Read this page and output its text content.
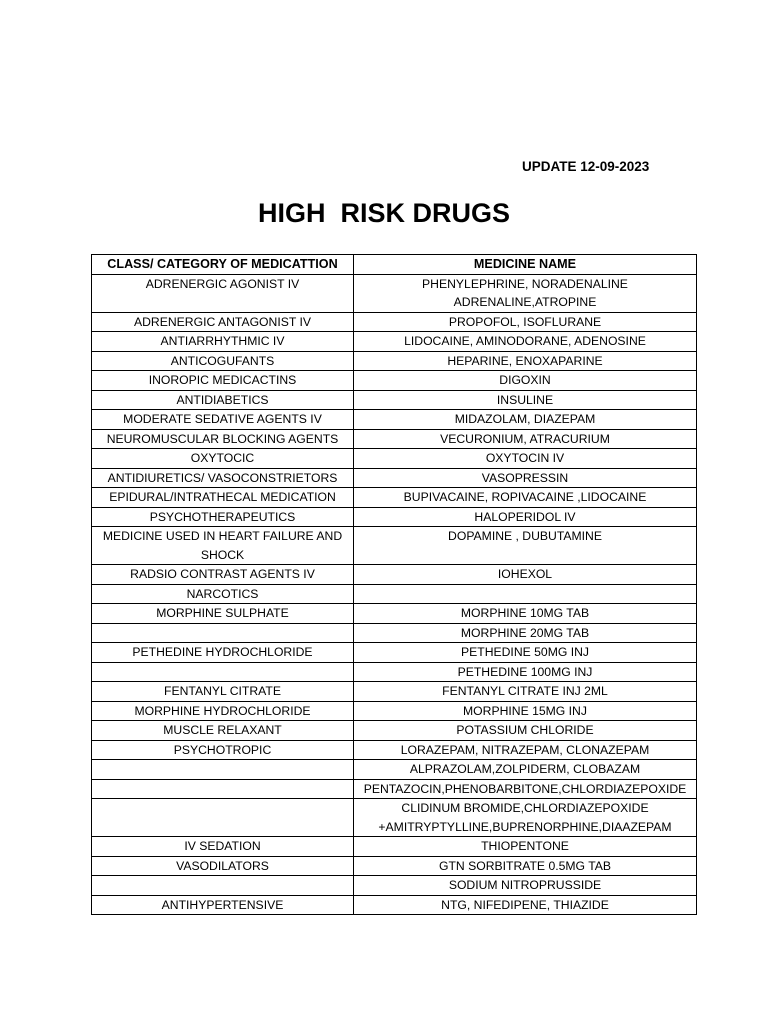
UPDATE 12-09-2023
HIGH  RISK DRUGS
CLASS/ CATEGORY OF MEDICATTION	MEDICINE NAME
ADRENERGIC AGONIST IV	PHENYLEPHRINE, NORADENALINE
ADRENALINE,ATROPINE

ADRENERGIC ANTAGONIST IV	PROPOFOL, ISOFLURANE

ANTIARRHYTHMIC IV	LIDOCAINE, AMINODORANE, ADENOSINE

ANTICOGUFANTS	HEPARINE, ENOXAPARINE

INOROPIC MEDICACTINS	DIGOXIN

ANTIDIABETICS	INSULINE

MODERATE SEDATIVE AGENTS IV	MIDAZOLAM, DIAZEPAM

NEUROMUSCULAR BLOCKING AGENTS	VECURONIUM, ATRACURIUM

OXYTOCIC	OXYTOCIN IV

ANTIDIURETICS/ VASOCONSTRIETORS	VASOPRESSIN

EPIDURAL/INTRATHECAL MEDICATION	BUPIVACAINE, ROPIVACAINE ,LIDOCAINE

PSYCHOTHERAPEUTICS	HALOPERIDOL IV

MEDICINE USED IN HEART FAILURE AND SHOCK	DOPAMINE , DUBUTAMINE

RADSIO CONTRAST AGENTS IV	IOHEXOL

NARCOTICS	

MORPHINE SULPHATE	MORPHINE 10MG TAB

	MORPHINE 20MG TAB

PETHEDINE HYDROCHLORIDE	PETHEDINE 50MG INJ

	PETHEDINE 100MG INJ

FENTANYL CITRATE	FENTANYL CITRATE INJ 2ML

MORPHINE HYDROCHLORIDE	MORPHINE 15MG INJ

MUSCLE RELAXANT	POTASSIUM CHLORIDE

PSYCHOTROPIC	LORAZEPAM, NITRAZEPAM, CLONAZEPAM

	ALPRAZOLAM,ZOLPIDERM, CLOBAZAM

	PENTAZOCIN,PHENOBARBITONE,CHLORDIAZEPOXIDE

	CLIDINUM BROMIDE,CHLORDIAZEPOXIDE
+AMITRYPTYLLINE,BUPRENORPHINE,DIAAZEPAM

IV SEDATION	THIOPENTONE

VASODILATORS	GTN SORBITRATE 0.5MG TAB

	SODIUM NITROPRUSSIDE

ANTIHYPERTENSIVE	NTG, NIFEDIPENE, THIAZIDE
